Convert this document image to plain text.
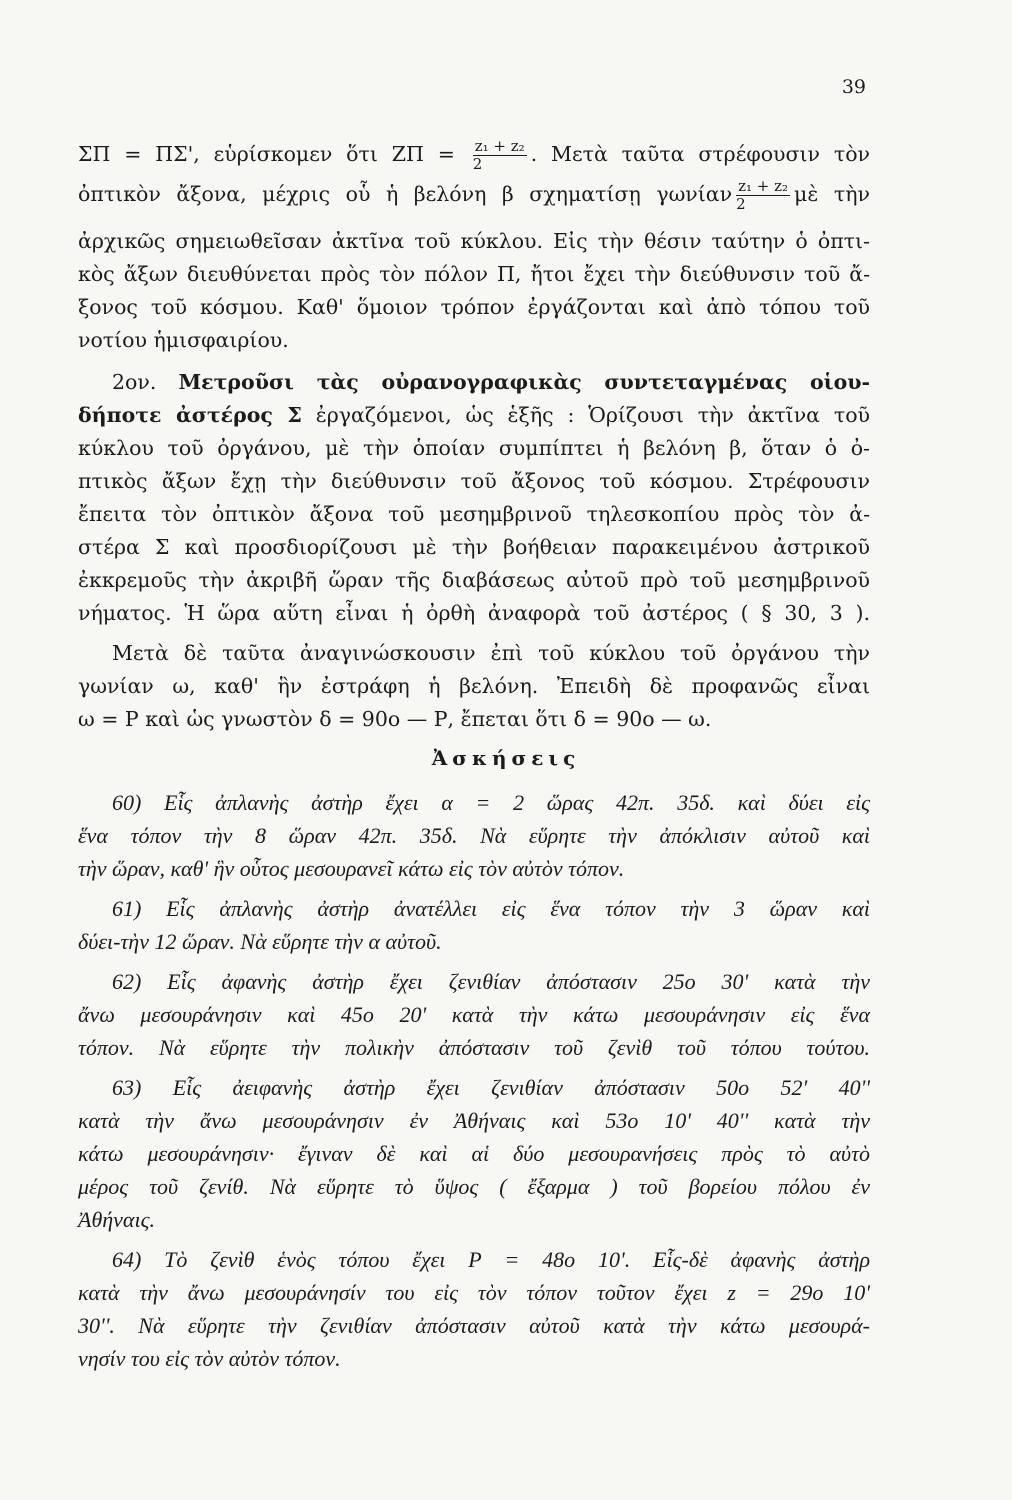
39
ΣΠ = ΠΣ', εὑρίσκομεν ὅτι $Z\Pi = \frac{\text{z₁ + z₂}}{2}$ . Μετὰ ταῦτα στρέφουσιν τὸν
ὀπτικὸν ἄξονα, μέχρις οὗ ἡ βελόνη β σχηματίσῃ γωνίαν $\frac{\text{z₁ + z₂}}{2}$ μὲ τὴν
ἀρχικῶς σημειωθεῖσαν ἀκτῖνα τοῦ κύκλου. Εἰς τὴν θέσιν ταύτην ὁ ὀπτι-
κὸς ἄξων διευθύνεται πρὸς τὸν πόλον Π, ἤτοι ἔχει τὴν διεύθυνσιν τοῦ ἄ-
ξονος τοῦ κόσμου. Καθ' ὅμοιον τρόπον ἐργάζονται καὶ ἀπὸ τόπου τοῦ
νοτίου ἡμισφαιρίου.
2ον. Μετροῦσι τὰς οὐρανογραφικὰς συντεταγμένας οἱου-
δήποτε ἀστέρος Σ ἐργαζόμενοι, ὡς ἑξῆς : Ὁρίζουσι τὴν ἀκτῖνα τοῦ
κύκλου τοῦ ὀργάνου, μὲ τὴν ὁποίαν συμπίπτει ἡ βελόνη β, ὅταν ὁ ὀ-
πτικὸς ἄξων ἔχῃ τὴν διεύθυνσιν τοῦ ἄξονος τοῦ κόσμου. Στρέφουσιν
ἔπειτα τὸν ὀπτικὸν ἄξονα τοῦ μεσημβρινοῦ τηλεσκοπίου πρὸς τὸν ἀ-
στέρα Σ καὶ προσδιορίζουσι μὲ τὴν βοήθειαν παρακειμένου ἀστρικοῦ
ἐκκρεμοῦς τὴν ἀκριβῆ ὥραν τῆς διαβάσεως αὐτοῦ πρὸ τοῦ μεσημβρινοῦ
νήματος. Ἡ ὥρα αὕτη εἶναι ἡ ὀρθὴ ἀναφορὰ τοῦ ἀστέρος ( § 30, 3 ).
Μετὰ δὲ ταῦτα ἀναγινώσκουσιν ἐπὶ τοῦ κύκλου τοῦ ὀργάνου τὴν
γωνίαν ω, καθ' ἣν ἐστράφη ἡ βελόνη. Ἐπειδὴ δὲ προφανῶς εἶναι
ω = Ρ καὶ ὡς γνωστὸν δ = 90ο — Ρ, ἔπεται ὅτι δ = 90ο — ω.
Ἀσκήσεις
60) Εἷς ἀπλανὴς ἀστὴρ ἔχει α = 2 ὥρας 42π. 35δ. καὶ δύει εἰς
ἕνα τόπον τὴν 8 ὥραν 42π. 35δ. Νὰ εὕρητε τὴν ἀπόκλισιν αὐτοῦ καὶ
τὴν ὥραν, καθ' ἣν οὗτος μεσουρανεῖ κάτω εἰς τὸν αὐτὸν τόπον.
61) Εἷς ἀπλανὴς ἀστὴρ ἀνατέλλει εἰς ἕνα τόπον τὴν 3 ὥραν καὶ
δύει-τὴν 12 ὥραν. Νὰ εὕρητε τὴν α αὐτοῦ.
62) Εἷς ἀφανὴς ἀστὴρ ἔχει ζενιθίαν ἀπόστασιν 25ο 30' κατὰ τὴν
ἄνω μεσουράνησιν καὶ 45ο 20' κατὰ τὴν κάτω μεσουράνησιν εἰς ἕνα
τόπον. Νὰ εὕρητε τὴν πολικὴν ἀπόστασιν τοῦ ζενὶθ τοῦ τόπου τούτου.
63) Εἷς ἀειφανὴς ἀστὴρ ἔχει ζενιθίαν ἀπόστασιν 50ο 52' 40''
κατὰ τὴν ἄνω μεσουράνησιν ἐν Ἀθήναις καὶ 53ο 10' 40'' κατὰ τὴν
κάτω μεσουράνησιν· ἔγιναν δὲ καὶ αἱ δύο μεσουρανήσεις πρὸς τὸ αὐτὸ
μέρος τοῦ ζενίθ. Νὰ εὕρητε τὸ ὕψος ( ἔξαρμα ) τοῦ βορείου πόλου ἐν
Ἀθήναις.
64) Τὸ ζενὶθ ἑνὸς τόπου ἔχει Ρ = 48ο 10'. Εἷς-δὲ ἀφανὴς ἀστὴρ
κατὰ τὴν ἄνω μεσουράνησίν του εἰς τὸν τόπον τοῦτον ἔχει z = 29ο 10'
30''. Νὰ εὕρητε τὴν ζενιθίαν ἀπόστασιν αὐτοῦ κατὰ τὴν κάτω μεσουρά-
νησίν του εἰς τὸν αὐτὸν τόπον.
